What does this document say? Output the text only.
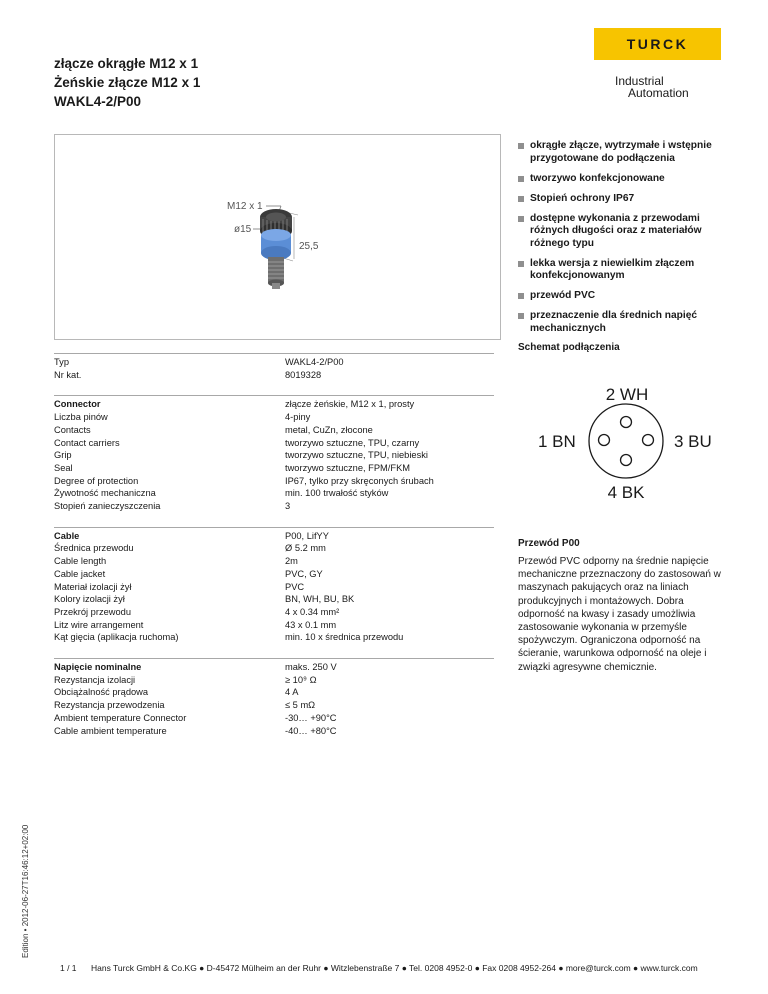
złącze okrągłe M12 x 1
Żeńskie złącze M12 x 1
WAKL4-2/P00
TURCK
Industrial
Automation
M12 x 1
ø15
25,5
okrągłe złącze, wytrzymałe i wstępnie przygotowane do podłączenia
tworzywo konfekcjonowane
Stopień ochrony IP67
dostępne wykonania z przewodami różnych długości oraz z materiałów różnego typu
lekka wersja z niewielkim złączem konfekcjonowanym
przewód PVC
przeznaczenie dla średnich napięć mechanicznych
Schemat podłączenia
2 WH
1 BN	3 BU
4 BK
Typ	WAKL4-2/P00
Nr kat.	8019328
Connector	złącze żeńskie, M12 x 1, prosty
Liczba pinów	4-piny
Contacts	metal, CuZn, złocone
Contact carriers	tworzywo sztuczne, TPU, czarny
Grip	tworzywo sztuczne, TPU, niebieski
Seal	tworzywo sztuczne, FPM/FKM
Degree of protection	IP67, tylko przy skręconych śrubach
Żywotność mechaniczna	min. 100 trwałość styków
Stopień zanieczyszczenia	3
Cable	P00, LifYY
Średnica przewodu	Ø 5.2 mm
Cable length	2m
Cable jacket	PVC, GY
Materiał izolacji żył	PVC
Kolory izolacji żył	BN, WH, BU, BK
Przekrój przewodu	4 x 0.34 mm²
Litz wire arrangement	43 x 0.1 mm
Kąt gięcia (aplikacja ruchoma)	min. 10 x średnica przewodu
Napięcie nominalne	maks. 250 V
Rezystancja izolacji	≥ 10⁹ Ω
Obciążalność prądowa	4 A
Rezystancja przewodzenia	≤ 5 mΩ
Ambient temperature Connector	-30… +90°C
Cable ambient temperature	-40… +80°C
Przewód P00
Przewód PVC odporny na średnie napięcie mechaniczne przeznaczony do zastosowań w maszynach pakujących oraz na liniach produkcyjnych i montażowych. Dobra odporność na kwasy i zasady umożliwia zastosowanie wykonania w przemyśle spożywczym. Ograniczona odporność na ścieranie, warunkowa odporność na oleje i związki agresywne chemicznie.
Edition • 2012-06-27T16:46:12+02:00
1 / 1 Hans Turck GmbH & Co.KG ● D-45472 Mülheim an der Ruhr ● Witzlebenstraße 7 ● Tel. 0208 4952-0 ● Fax 0208 4952-264 ● more@turck.com ● www.turck.com
